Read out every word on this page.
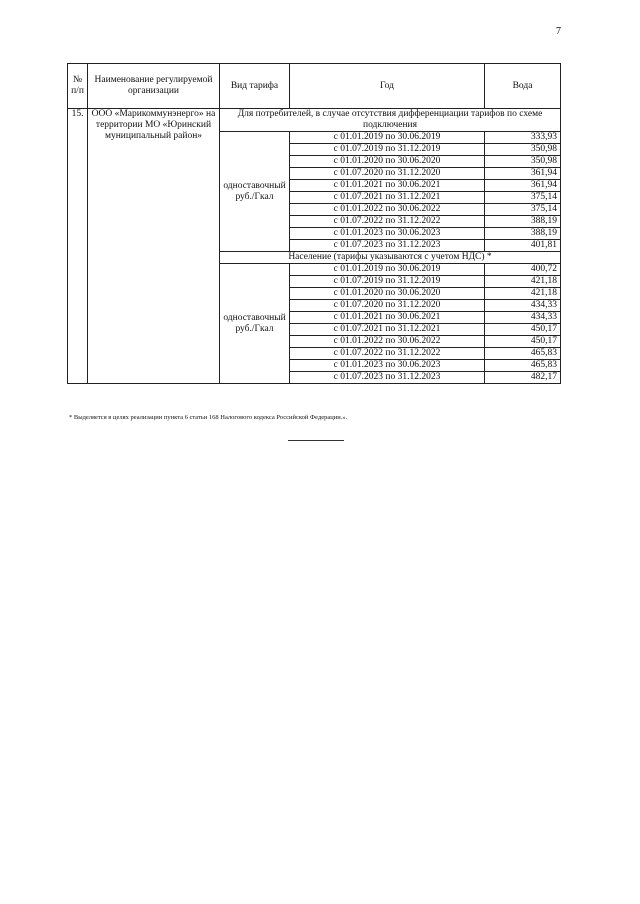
7
№ п/п	Наименование регулируемой организации	Вид тарифа	Год	Вода
15.	ООО «Марикоммунэнерго» на территории МО «Юринский муниципальный район»	Для потребителей, в случае отсутствия дифференциации тарифов по схеме подключения		
		одноставочный руб./Гкал	с 01.01.2019 по 30.06.2019	333,93
			с 01.07.2019 по 31.12.2019	350,98
			с 01.01.2020 по 30.06.2020	350,98
			с 01.07.2020 по 31.12.2020	361,94
			с 01.01.2021 по 30.06.2021	361,94
			с 01.07.2021 по 31.12.2021	375,14
			с 01.01.2022 по 30.06.2022	375,14
			с 01.07.2022 по 31.12.2022	388,19
			с 01.01.2023 по 30.06.2023	388,19
			с 01.07.2023 по 31.12.2023	401,81
		Население (тарифы указываются с учетом НДС) *		
		одноставочный руб./Гкал	с 01.01.2019 по 30.06.2019	400,72
			с 01.07.2019 по 31.12.2019	421,18
			с 01.01.2020 по 30.06.2020	421,18
			с 01.07.2020 по 31.12.2020	434,33
			с 01.01.2021 по 30.06.2021	434,33
			с 01.07.2021 по 31.12.2021	450,17
			с 01.01.2022 по 30.06.2022	450,17
			с 01.07.2022 по 31.12.2022	465,83
			с 01.01.2023 по 30.06.2023	465,83
			с 01.07.2023 по 31.12.2023	482,17
* Выделяется в целях реализации пункта 6 статьи 168 Налогового кодекса Российской Федерации.».
